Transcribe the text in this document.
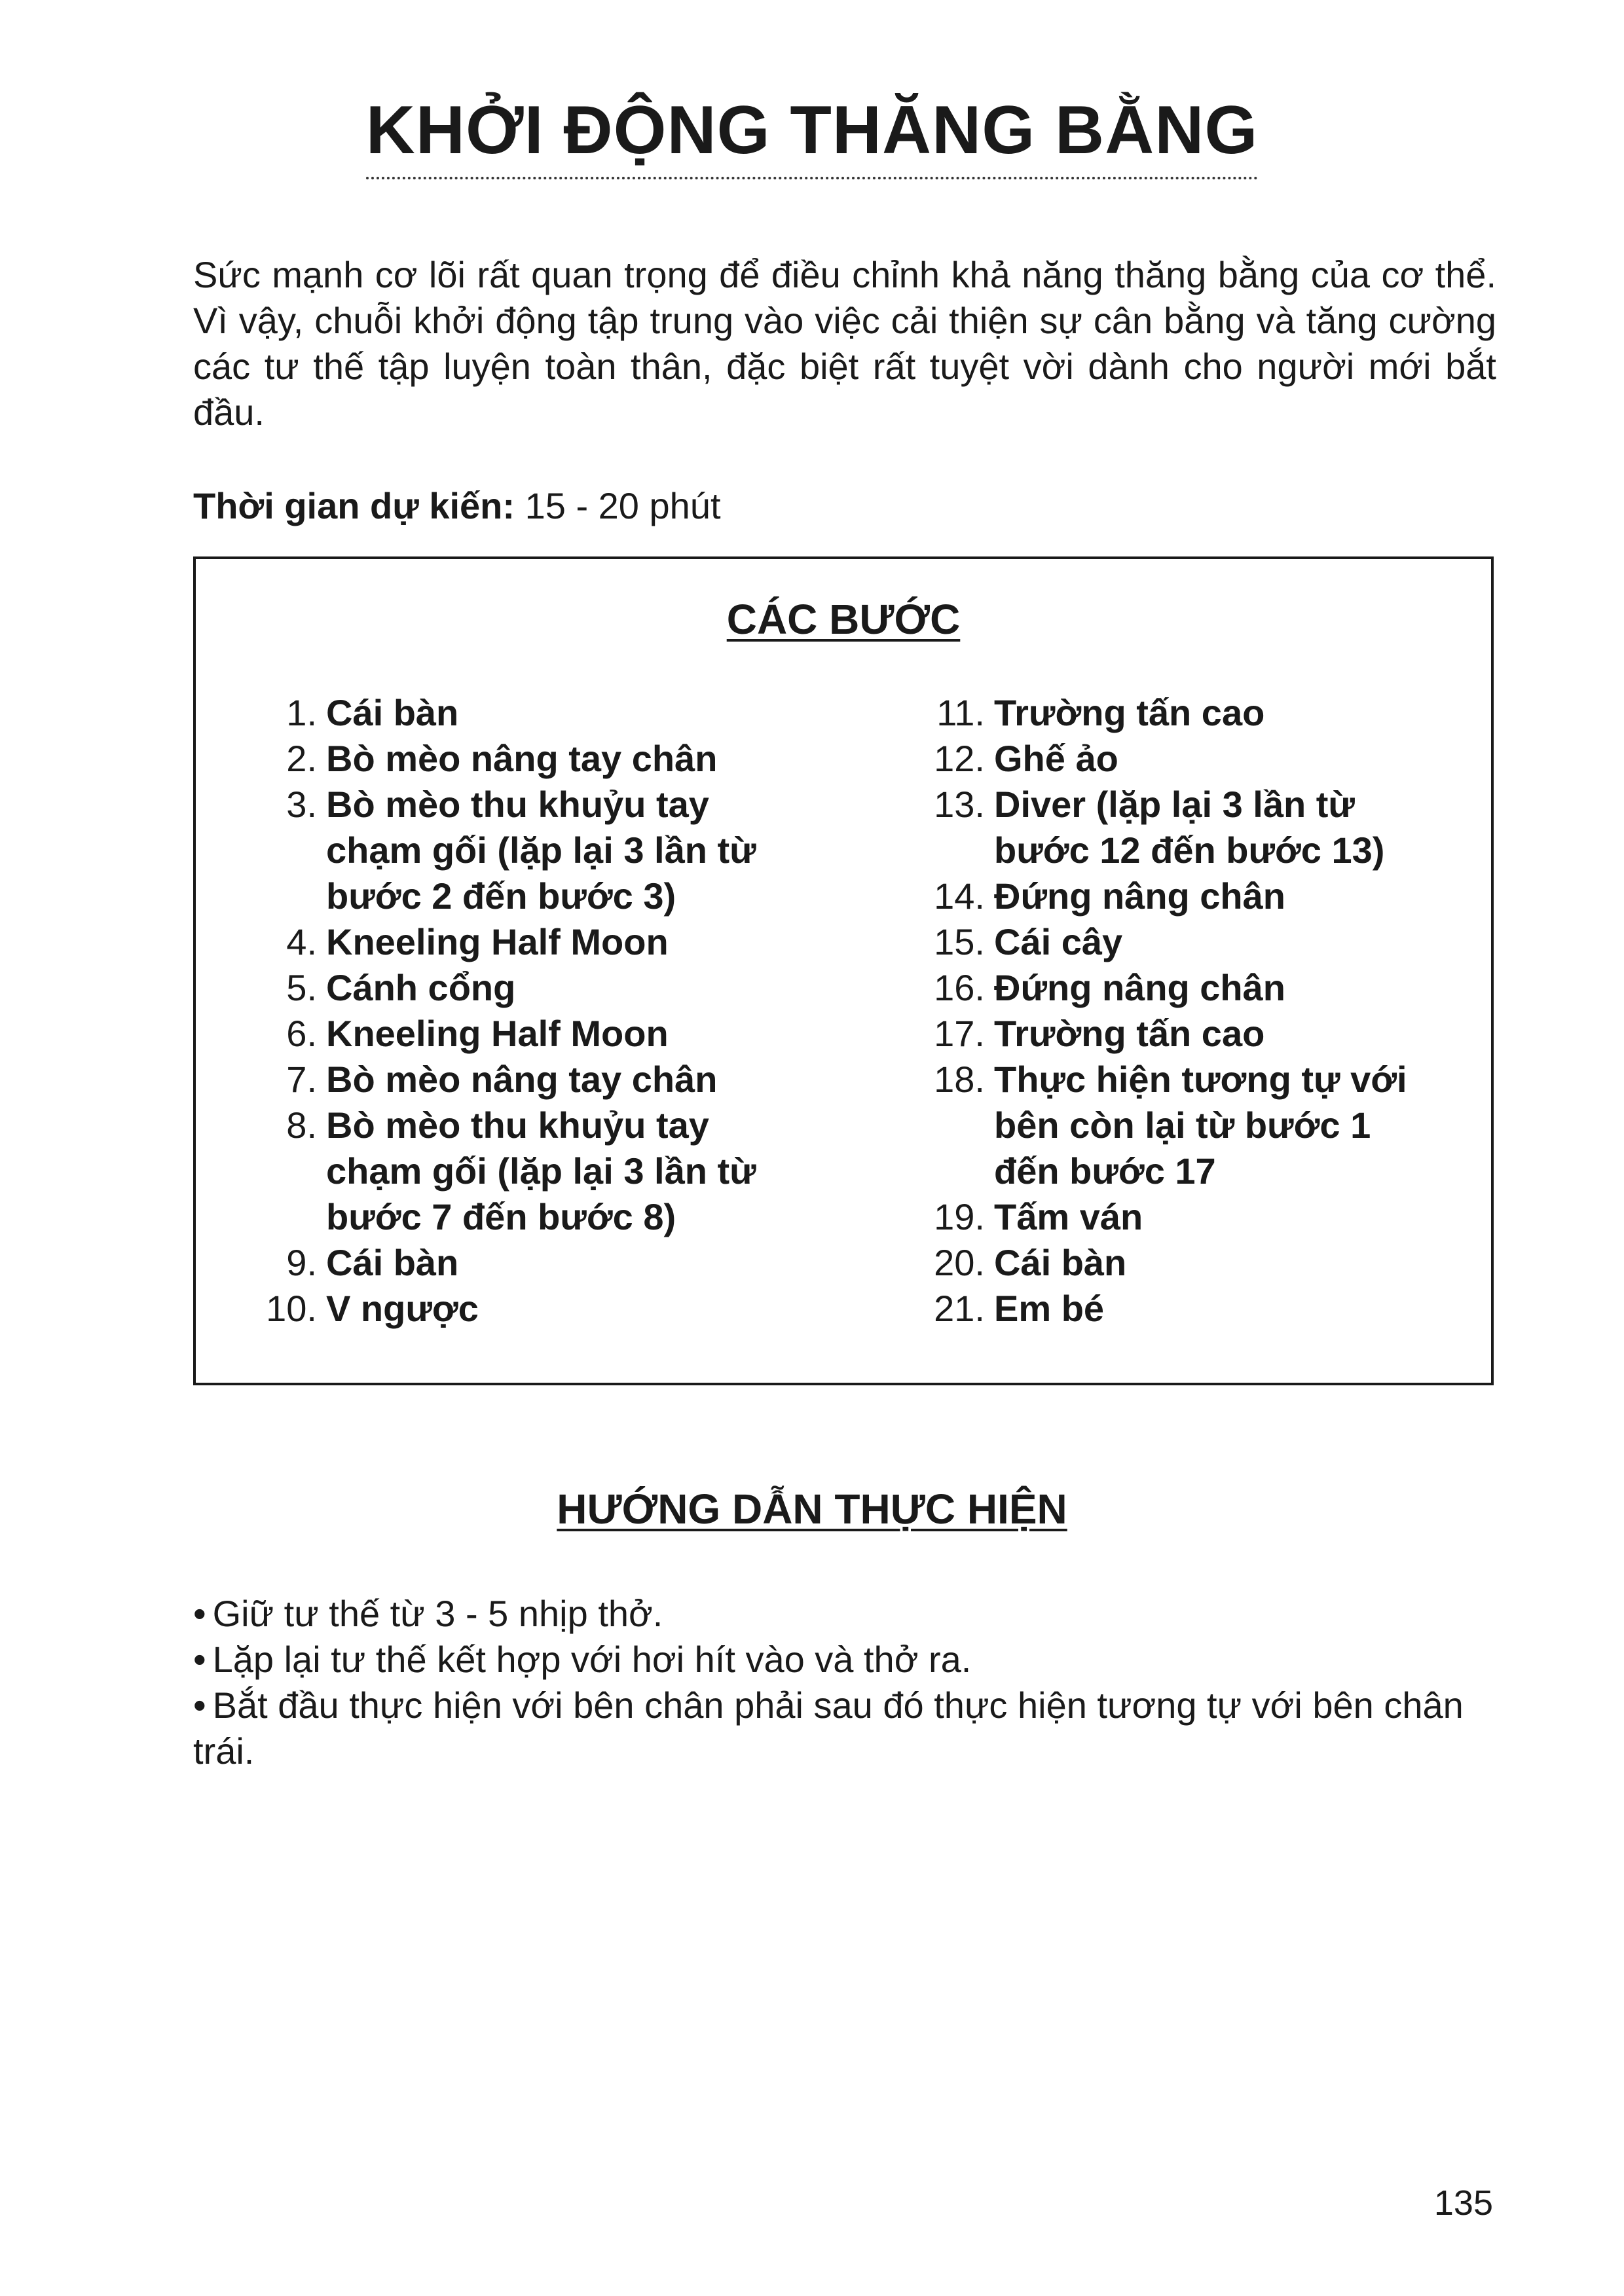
KHỞI ĐỘNG THĂNG BẰNG

Sức mạnh cơ lõi rất quan trọng để điều chỉnh khả năng thăng bằng của cơ thể. Vì vậy, chuỗi khởi động tập trung vào việc cải thiện sự cân bằng và tăng cường các tư thế tập luyện toàn thân, đặc biệt rất tuyệt vời dành cho người mới bắt đầu.

Thời gian dự kiến: 15 - 20 phút
CÁC BƯỚC
1. Cái bàn
2. Bò mèo nâng tay chân
3. Bò mèo thu khuỷu tay chạm gối (lặp lại 3 lần từ bước 2 đến bước 3)
4. Kneeling Half Moon
5. Cánh cổng
6. Kneeling Half Moon
7. Bò mèo nâng tay chân
8. Bò mèo thu khuỷu tay chạm gối (lặp lại 3 lần từ bước 7 đến bước 8)
9. Cái bàn
10. V ngược
11. Trường tấn cao
12. Ghế ảo
13. Diver (lặp lại 3 lần từ bước 12 đến bước 13)
14. Đứng nâng chân
15. Cái cây
16. Đứng nâng chân
17. Trường tấn cao
18. Thực hiện tương tự với bên còn lại từ bước 1 đến bước 17
19. Tấm ván
20. Cái bàn
21. Em bé
HƯỚNG DẪN THỰC HIỆN
• Giữ tư thế từ 3 - 5 nhịp thở.
• Lặp lại tư thế kết hợp với hơi hít vào và thở ra.
• Bắt đầu thực hiện với bên chân phải sau đó thực hiện tương tự với bên chân trái.
135
